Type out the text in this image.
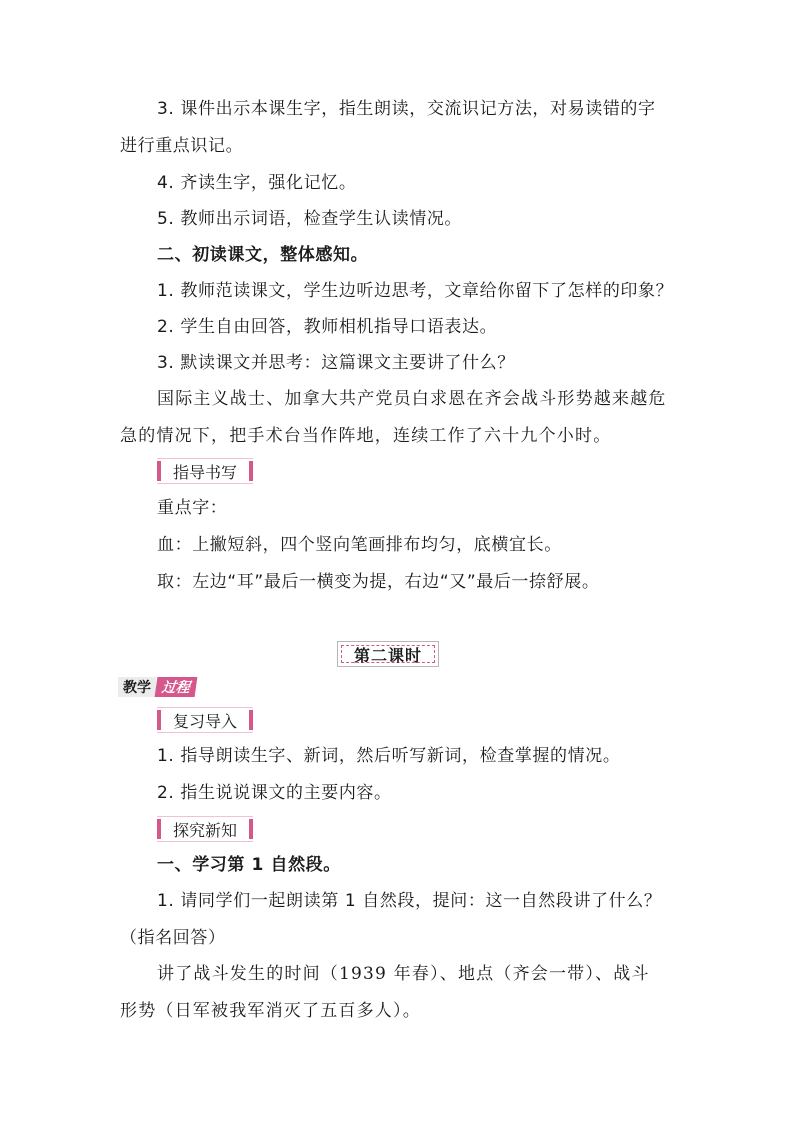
3. 课件出示本课生字，指生朗读，交流识记方法，对易读错的字
进行重点识记。
4. 齐读生字，强化记忆。
5. 教师出示词语，检查学生认读情况。
二、初读课文，整体感知。
1. 教师范读课文，学生边听边思考，文章给你留下了怎样的印象？
2. 学生自由回答，教师相机指导口语表达。
3. 默读课文并思考：这篇课文主要讲了什么？
国际主义战士、加拿大共产党员白求恩在齐会战斗形势越来越危
急的情况下，把手术台当作阵地，连续工作了六十九个小时。
指导书写
重点字：
血：上撇短斜，四个竖向笔画排布均匀，底横宜长。
取：左边“耳”最后一横变为提，右边“又”最后一捺舒展。
第二课时
教学 过程
复习导入
1. 指导朗读生字、新词，然后听写新词，检查掌握的情况。
2. 指生说说课文的主要内容。
探究新知
一、学习第 1 自然段。
1. 请同学们一起朗读第 1 自然段，提问：这一自然段讲了什么？
（指名回答）
讲了战斗发生的时间（1939 年春）、地点（齐会一带）、战斗
形势（日军被我军消灭了五百多人）。
